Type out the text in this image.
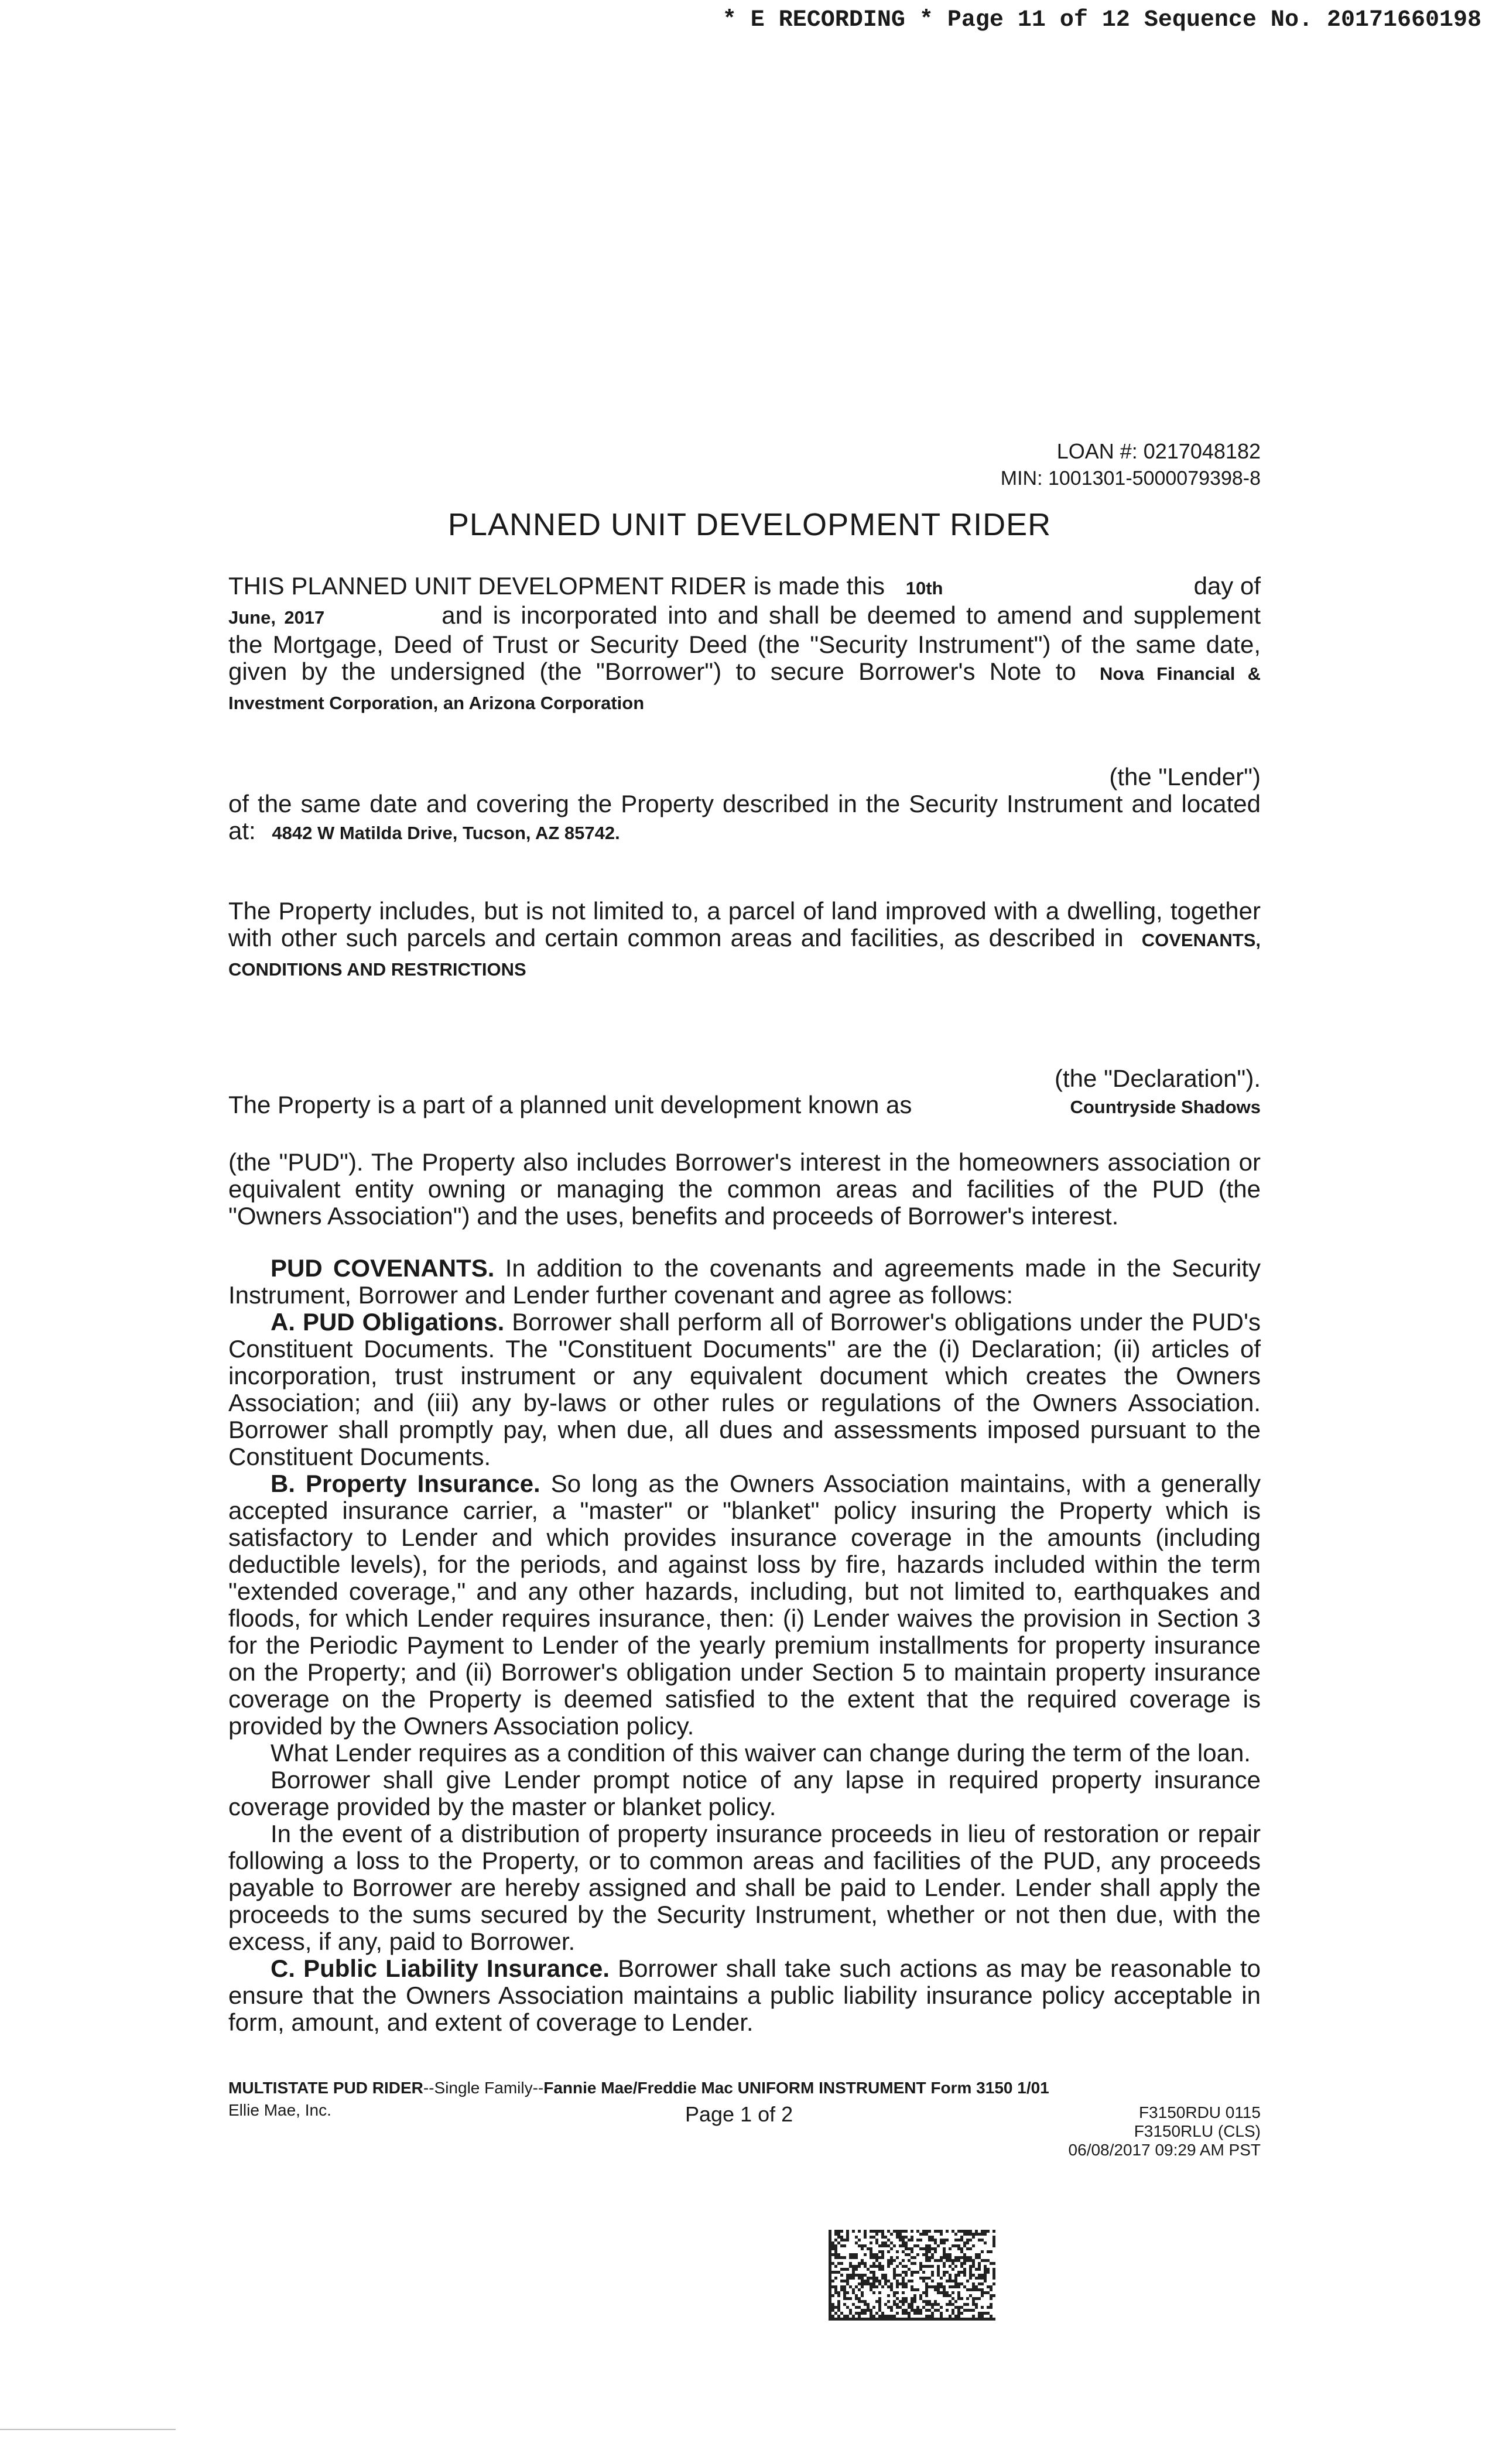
* E RECORDING * Page 11 of 12 Sequence No. 20171660198
LOAN #: 0217048182
MIN: 1001301-5000079398-8
PLANNED UNIT DEVELOPMENT RIDER
THIS PLANNED UNIT DEVELOPMENT RIDER is made this 10th	day of

June, 2017	and is incorporated into and shall be deemed to amend and supplement the Mortgage, Deed of Trust or Security Deed (the "Security Instrument") of the same date, given by the undersigned (the "Borrower") to secure Borrower's Note to Nova Financial & Investment Corporation, an Arizona Corporation

(the "Lender")

of the same date and covering the Property described in the Security Instrument and located at: 4842 W Matilda Drive, Tucson, AZ 85742.

The Property includes, but is not limited to, a parcel of land improved with a dwelling, together with other such parcels and certain common areas and facilities, as described in COVENANTS, CONDITIONS AND RESTRICTIONS

(the "Declaration").
The Property is a part of a planned unit development known as	Countryside Shadows

(the "PUD"). The Property also includes Borrower's interest in the homeowners association or equivalent entity owning or managing the common areas and facilities of the PUD (the "Owners Association") and the uses, benefits and proceeds of Borrower's interest.

PUD COVENANTS. In addition to the covenants and agreements made in the Security Instrument, Borrower and Lender further covenant and agree as follows:

A. PUD Obligations. Borrower shall perform all of Borrower's obligations under the PUD's Constituent Documents. The "Constituent Documents" are the (i) Declaration; (ii) articles of incorporation, trust instrument or any equivalent document which creates the Owners Association; and (iii) any by-laws or other rules or regulations of the Owners Association. Borrower shall promptly pay, when due, all dues and assessments imposed pursuant to the Constituent Documents.

B. Property Insurance. So long as the Owners Association maintains, with a generally accepted insurance carrier, a "master" or "blanket" policy insuring the Property which is satisfactory to Lender and which provides insurance coverage in the amounts (including deductible levels), for the periods, and against loss by fire, hazards included within the term "extended coverage," and any other hazards, including, but not limited to, earthquakes and floods, for which Lender requires insurance, then: (i) Lender waives the provision in Section 3 for the Periodic Payment to Lender of the yearly premium installments for property insurance on the Property; and (ii) Borrower's obligation under Section 5 to maintain property insurance coverage on the Property is deemed satisfied to the extent that the required coverage is provided by the Owners Association policy.

What Lender requires as a condition of this waiver can change during the term of the loan.

Borrower shall give Lender prompt notice of any lapse in required property insurance coverage provided by the master or blanket policy.

In the event of a distribution of property insurance proceeds in lieu of restoration or repair following a loss to the Property, or to common areas and facilities of the PUD, any proceeds payable to Borrower are hereby assigned and shall be paid to Lender. Lender shall apply the proceeds to the sums secured by the Security Instrument, whether or not then due, with the excess, if any, paid to Borrower.

C. Public Liability Insurance. Borrower shall take such actions as may be reasonable to ensure that the Owners Association maintains a public liability insurance policy acceptable in form, amount, and extent of coverage to Lender.

MULTISTATE PUD RIDER--Single Family--Fannie Mae/Freddie Mac UNIFORM INSTRUMENT Form 3150 1/01
Ellie Mae, Inc.	Page 1 of 2	F3150RDU 0115
F3150RLU (CLS)
06/08/2017 09:29 AM PST
